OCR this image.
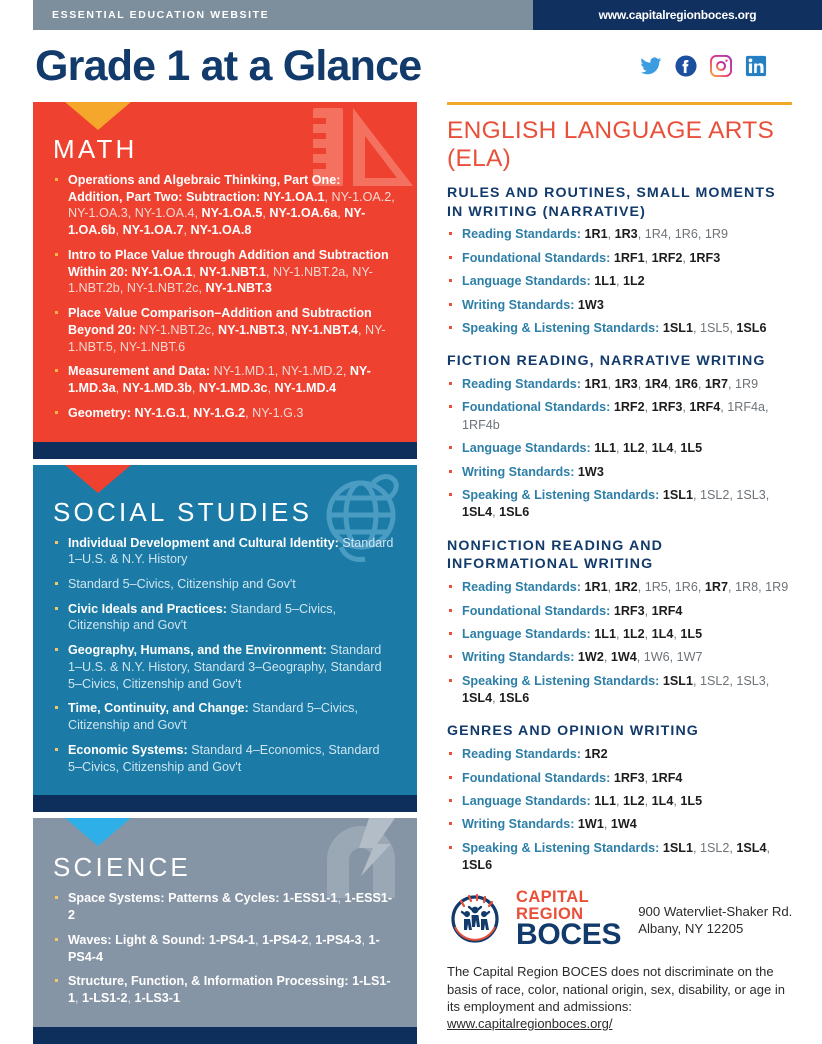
ESSENTIAL EDUCATION WEBSITE	www.capitalregionboces.org
Grade 1 at a Glance
MATH
Operations and Algebraic Thinking, Part One: Addition, Part Two: Subtraction: NY-1.OA.1, NY-1.OA.2, NY-1.OA.3, NY-1.OA.4, NY-1.OA.5, NY-1.OA.6a, NY-1.OA.6b, NY-1.OA.7, NY-1.OA.8
Intro to Place Value through Addition and Subtraction Within 20: NY-1.OA.1, NY-1.NBT.1, NY-1.NBT.2a, NY-1.NBT.2b, NY-1.NBT.2c, NY-1.NBT.3
Place Value Comparison–Addition and Subtraction Beyond 20: NY-1.NBT.2c, NY-1.NBT.3, NY-1.NBT.4, NY-1.NBT.5, NY-1.NBT.6
Measurement and Data: NY-1.MD.1, NY-1.MD.2, NY-1.MD.3a, NY-1.MD.3b, NY-1.MD.3c, NY-1.MD.4
Geometry: NY-1.G.1, NY-1.G.2, NY-1.G.3
SOCIAL STUDIES
Individual Development and Cultural Identity: Standard 1–U.S. & N.Y. History
Standard 5–Civics, Citizenship and Gov't
Civic Ideals and Practices: Standard 5–Civics, Citizenship and Gov't
Geography, Humans, and the Environment: Standard 1–U.S. & N.Y. History, Standard 3–Geography, Standard 5–Civics, Citizenship and Gov't
Time, Continuity, and Change: Standard 5–Civics, Citizenship and Gov't
Economic Systems: Standard 4–Economics, Standard 5–Civics, Citizenship and Gov't
SCIENCE
Space Systems: Patterns & Cycles: 1-ESS1-1, 1-ESS1-2
Waves: Light & Sound: 1-PS4-1, 1-PS4-2, 1-PS4-3, 1-PS4-4
Structure, Function, & Information Processing: 1-LS1-1, 1-LS1-2, 1-LS3-1
ENGLISH LANGUAGE ARTS (ELA)
RULES AND ROUTINES, SMALL MOMENTS IN WRITING (NARRATIVE)
Reading Standards: 1R1, 1R3, 1R4, 1R6, 1R9
Foundational Standards: 1RF1, 1RF2, 1RF3
Language Standards: 1L1, 1L2
Writing Standards: 1W3
Speaking & Listening Standards: 1SL1, 1SL5, 1SL6
FICTION READING, NARRATIVE WRITING
Reading Standards: 1R1, 1R3, 1R4, 1R6, 1R7, 1R9
Foundational Standards: 1RF2, 1RF3, 1RF4, 1RF4a, 1RF4b
Language Standards: 1L1, 1L2, 1L4, 1L5
Writing Standards: 1W3
Speaking & Listening Standards: 1SL1, 1SL2, 1SL3, 1SL4, 1SL6
NONFICTION READING AND INFORMATIONAL WRITING
Reading Standards: 1R1, 1R2, 1R5, 1R6, 1R7, 1R8, 1R9
Foundational Standards: 1RF3, 1RF4
Language Standards: 1L1, 1L2, 1L4, 1L5
Writing Standards: 1W2, 1W4, 1W6, 1W7
Speaking & Listening Standards: 1SL1, 1SL2, 1SL3, 1SL4, 1SL6
GENRES AND OPINION WRITING
Reading Standards: 1R2
Foundational Standards: 1RF3, 1RF4
Language Standards: 1L1, 1L2, 1L4, 1L5
Writing Standards: 1W1, 1W4
Speaking & Listening Standards: 1SL1, 1SL2, 1SL4, 1SL6
CAPITAL REGION
BOCES
900 Watervliet-Shaker Rd.
Albany, NY 12205

The Capital Region BOCES does not discriminate on the basis of race, color, national origin, sex, disability, or age in its employment and admissions:
www.capitalregionboces.org/
